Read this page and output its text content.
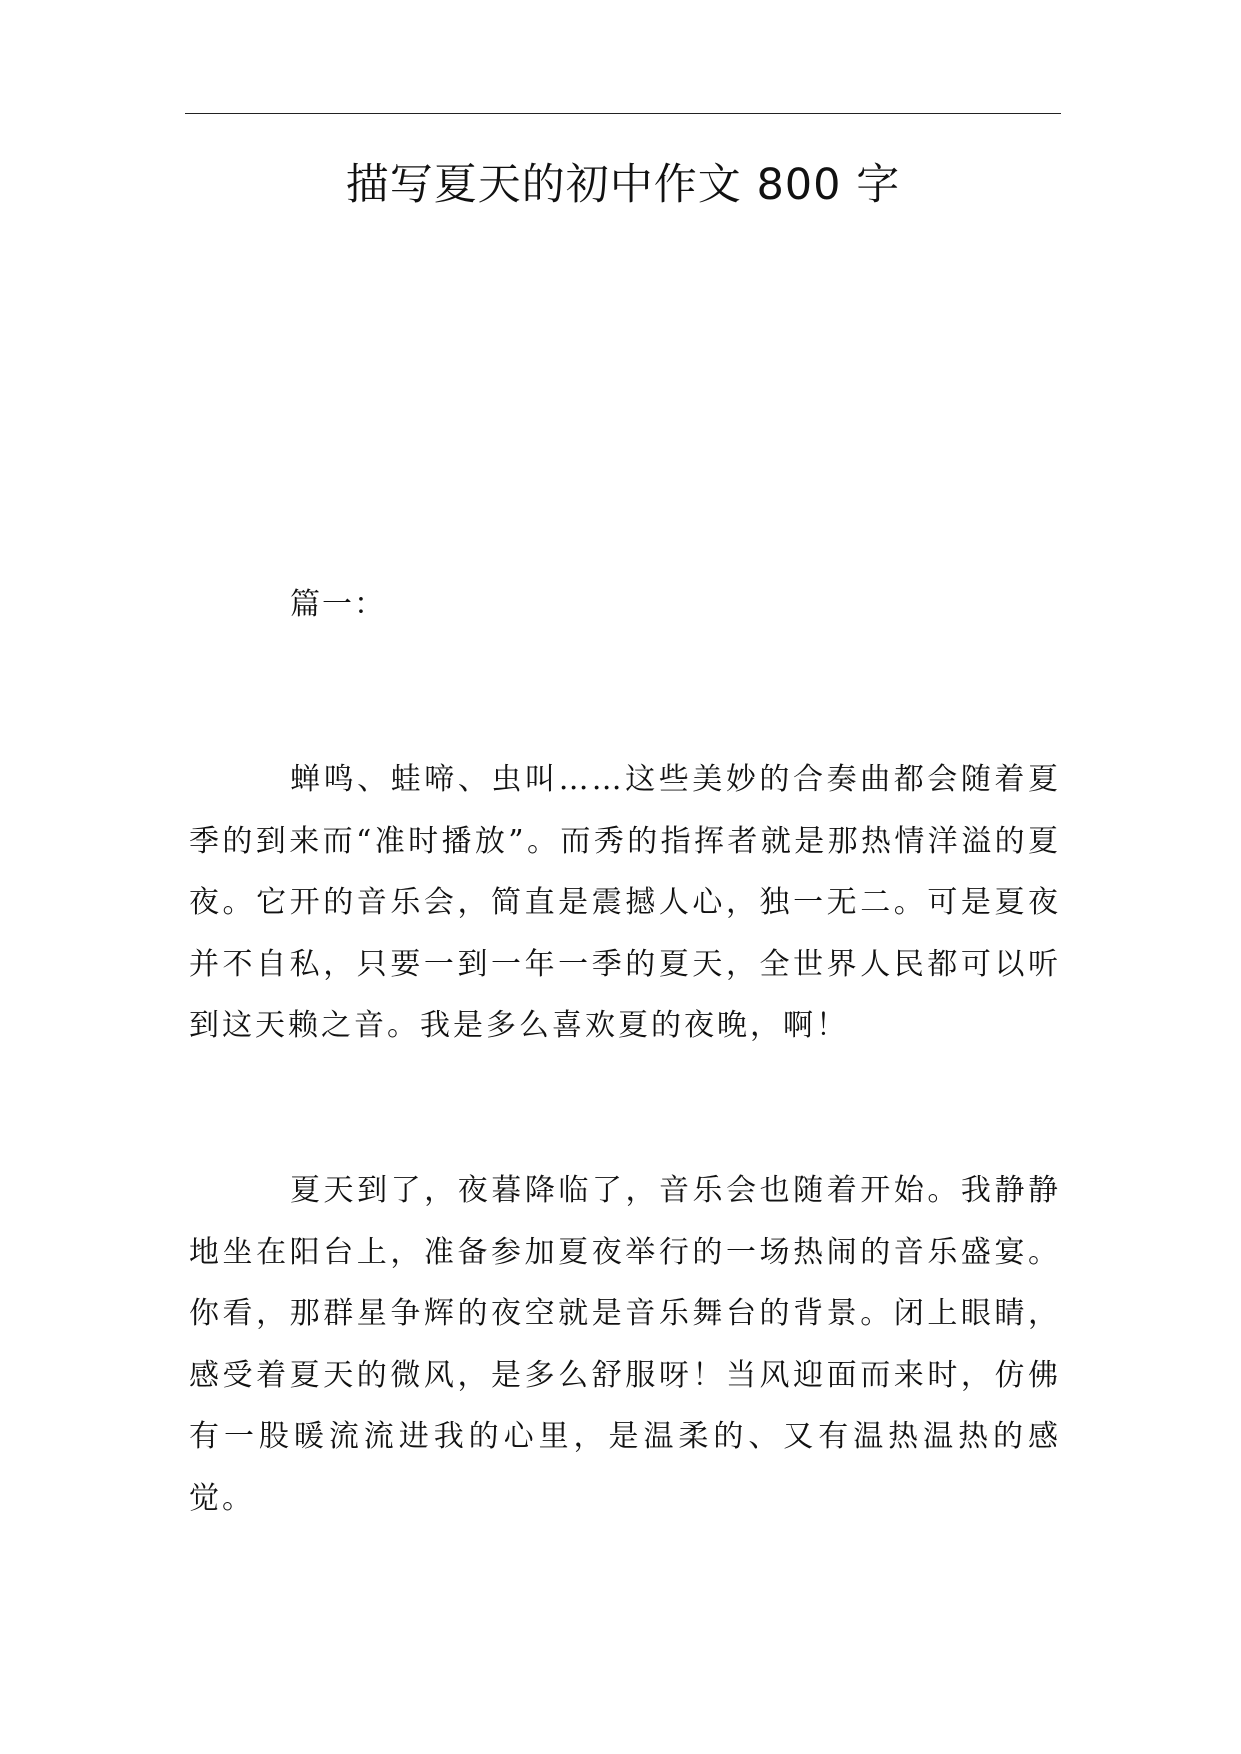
描写夏天的初中作文 800 字
篇一：

蝉鸣、蛙啼、虫叫……这些美妙的合奏曲都会随着夏季的到来而“准时播放”。而秀的指挥者就是那热情洋溢的夏夜。它开的音乐会，简直是震撼人心，独一无二。可是夏夜并不自私，只要一到一年一季的夏天，全世界人民都可以听到这天赖之音。我是多么喜欢夏的夜晚，啊！

夏天到了，夜暮降临了，音乐会也随着开始。我静静地坐在阳台上，准备参加夏夜举行的一场热闹的音乐盛宴。你看，那群星争辉的夜空就是音乐舞台的背景。闭上眼睛，感受着夏天的微风，是多么舒服呀！当风迎面而来时，仿佛有一股暖流流进我的心里，是温柔的、又有温热温热的感觉。
